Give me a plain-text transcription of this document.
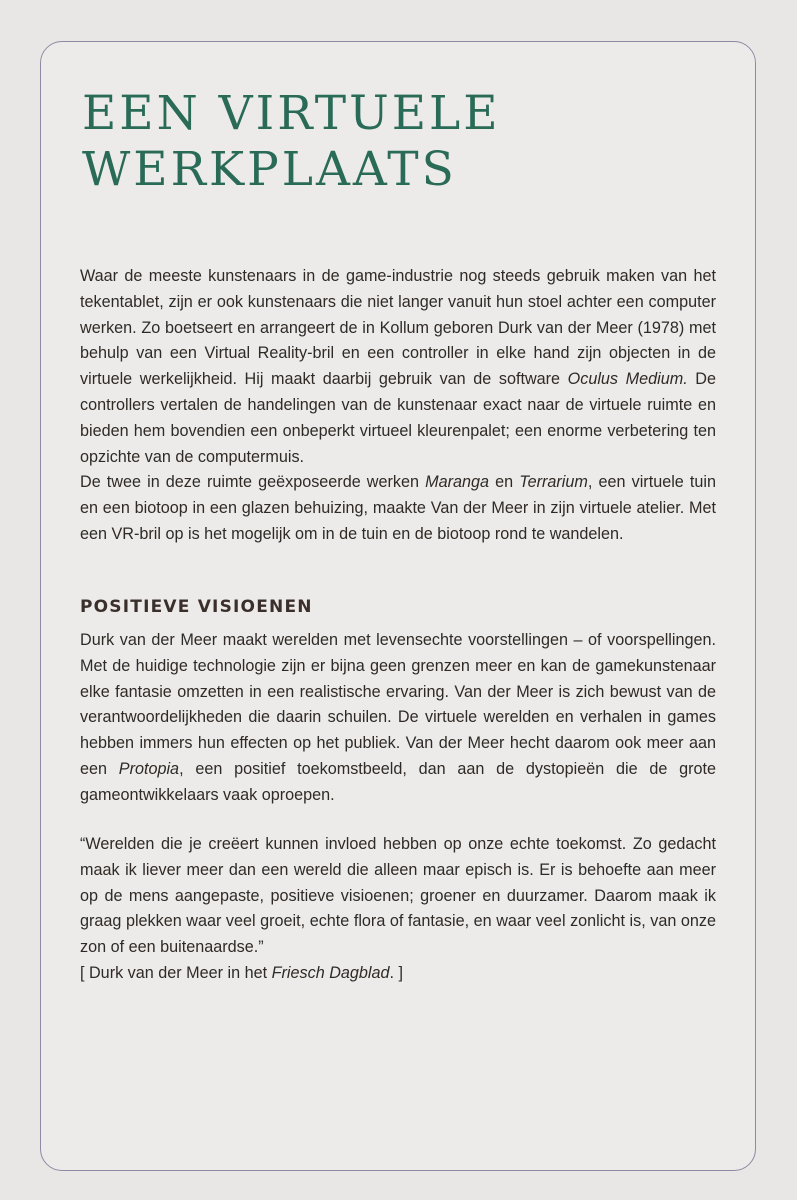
EEN VIRTUELE
WERKPLAATS

Waar de meeste kunstenaars in de game-industrie nog steeds gebruik maken van het tekentablet, zijn er ook kunstenaars die niet langer vanuit hun stoel achter een computer werken. Zo boetseert en arrangeert de in Kollum geboren Durk van der Meer (1978) met behulp van een Virtual Reality-bril en een controller in elke hand zijn objecten in de virtuele werkelijkheid. Hij maakt daarbij gebruik van de software Oculus Medium. De controllers vertalen de handelingen van de kunstenaar exact naar de virtuele ruimte en bieden hem bovendien een onbeperkt virtueel kleurenpalet; een enorme verbetering ten opzichte van de computermuis.

De twee in deze ruimte geëxposeerde werken Maranga en Terrarium, een virtuele tuin en een biotoop in een glazen behuizing, maakte Van der Meer in zijn virtuele atelier. Met een VR-bril op is het mogelijk om in de tuin en de biotoop rond te wandelen.

POSITIEVE VISIOENEN

Durk van der Meer maakt werelden met levensechte voorstellingen – of voorspellingen. Met de huidige technologie zijn er bijna geen grenzen meer en kan de gamekunstenaar elke fantasie omzetten in een realistische ervaring. Van der Meer is zich bewust van de verantwoordelijkheden die daarin schuilen. De virtuele werelden en verhalen in games hebben immers hun effecten op het publiek. Van der Meer hecht daarom ook meer aan een Protopia, een positief toekomstbeeld, dan aan de dystopieën die de grote gameontwikkelaars vaak oproepen.

“Werelden die je creëert kunnen invloed hebben op onze echte toekomst. Zo gedacht maak ik liever meer dan een wereld die alleen maar episch is. Er is behoefte aan meer op de mens aangepaste, positieve visioenen; groener en duurzamer. Daarom maak ik graag plekken waar veel groeit, echte flora of fantasie, en waar veel zonlicht is, van onze zon of een buitenaardse.”

[ Durk van der Meer in het Friesch Dagblad. ]
